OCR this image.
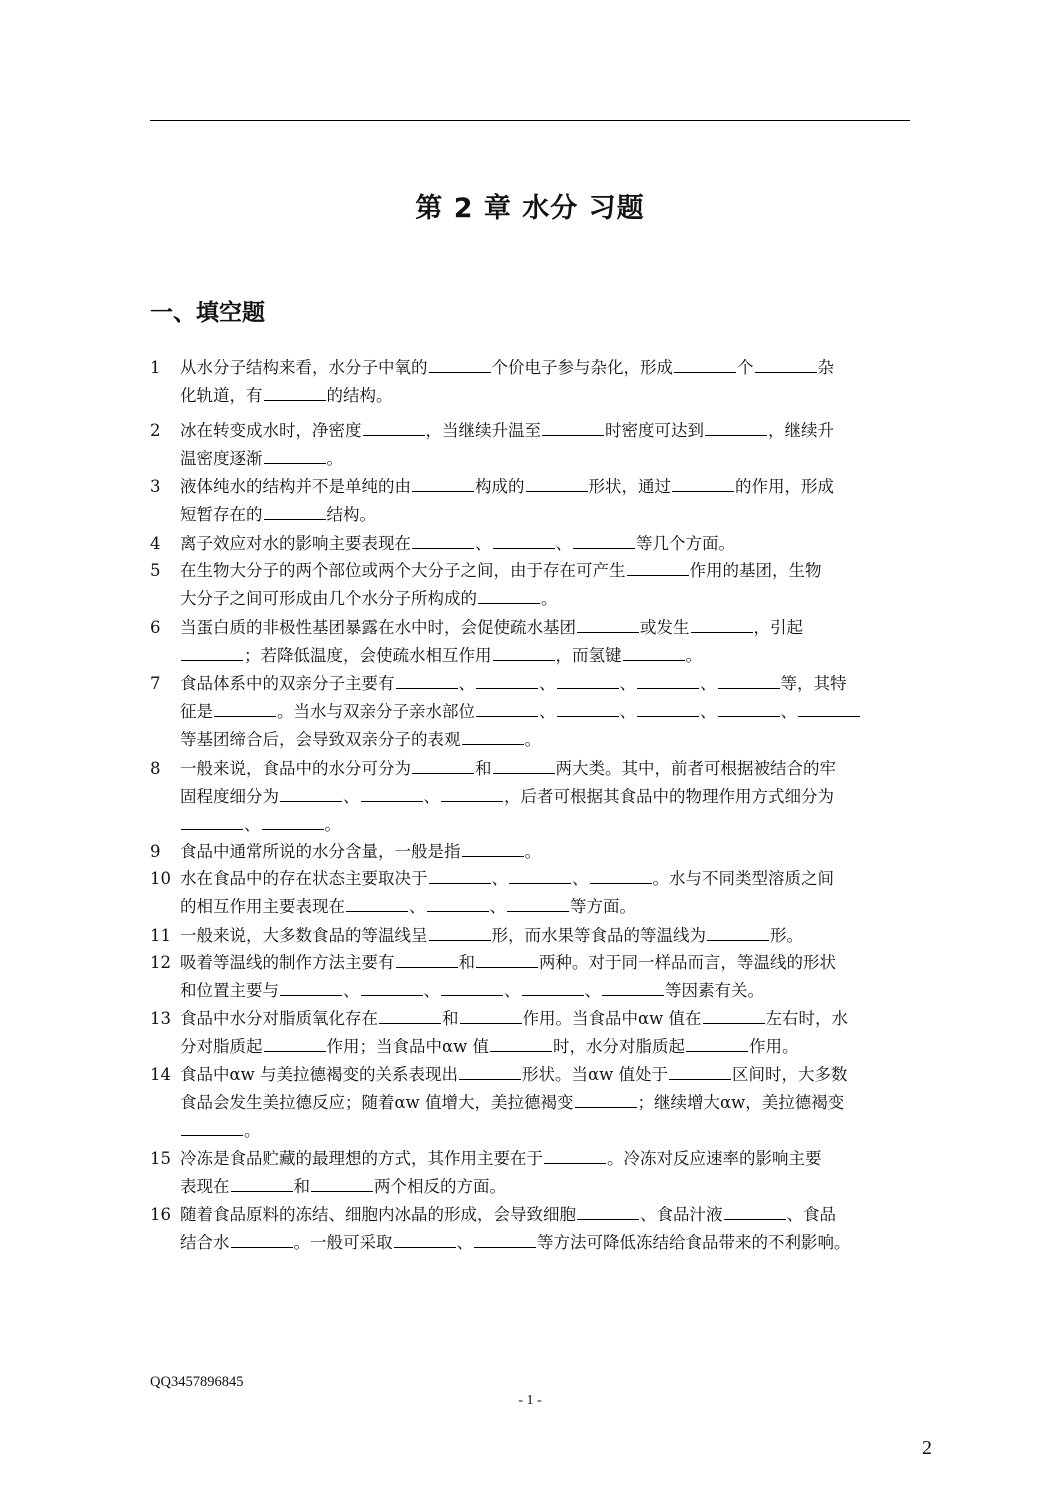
第 2 章 水分 习题
一、填空题

1 从水分子结构来看，水分子中氧的	个价电子参与杂化，形成	个	杂

化轨道，有	的结构。

2 冰在转变成水时，净密度	，当继续升温至	时密度可达到	，继续升

温密度逐渐	。

3 液体纯水的结构并不是单纯的由	构成的	形状，通过	的作用，形成

短暂存在的	结构。

4 离子效应对水的影响主要表现在	、	、	等几个方面。

5 在生物大分子的两个部位或两个大分子之间，由于存在可产生	作用的基团，生物

大分子之间可形成由几个水分子所构成的	。

6 当蛋白质的非极性基团暴露在水中时，会促使疏水基团	或发生	，引起

；若降低温度，会使疏水相互作用	，而氢键	。

7 食品体系中的双亲分子主要有	、	、	、	、	等，其特

征是	。当水与双亲分子亲水部位	、	、	、	、

等基团缔合后，会导致双亲分子的表观	。

8 一般来说，食品中的水分可分为	和	两大类。其中，前者可根据被结合的牢

固程度细分为	、	、	，后者可根据其食品中的物理作用方式细分为

、	。

9 食品中通常所说的水分含量，一般是指	。

10 水在食品中的存在状态主要取决于	、	、	。水与不同类型溶质之间

的相互作用主要表现在	、	、	等方面。

11 一般来说，大多数食品的等温线呈	形，而水果等食品的等温线为	形。

12 吸着等温线的制作方法主要有	和	两种。对于同一样品而言，等温线的形状

和位置主要与	、	、	、	、	等因素有关。

13 食品中水分对脂质氧化存在	和	作用。当食品中αw 值在	左右时，水

分对脂质起	作用；当食品中αw 值	时，水分对脂质起	作用。

14 食品中αw 与美拉德褐变的关系表现出	形状。当αw 值处于	区间时，大多数

食品会发生美拉德反应；随着αw 值增大，美拉德褐变	；继续增大αw，美拉德褐变

。

15 冷冻是食品贮藏的最理想的方式，其作用主要在于	。冷冻对反应速率的影响主要

表现在	和	两个相反的方面。

16 随着食品原料的冻结、细胞内冰晶的形成，会导致细胞	、食品汁液	、食品

结合水	。一般可采取	、	等方法可降低冻结给食品带来的不利影响。

QQ3457896845
- 1 -
2
